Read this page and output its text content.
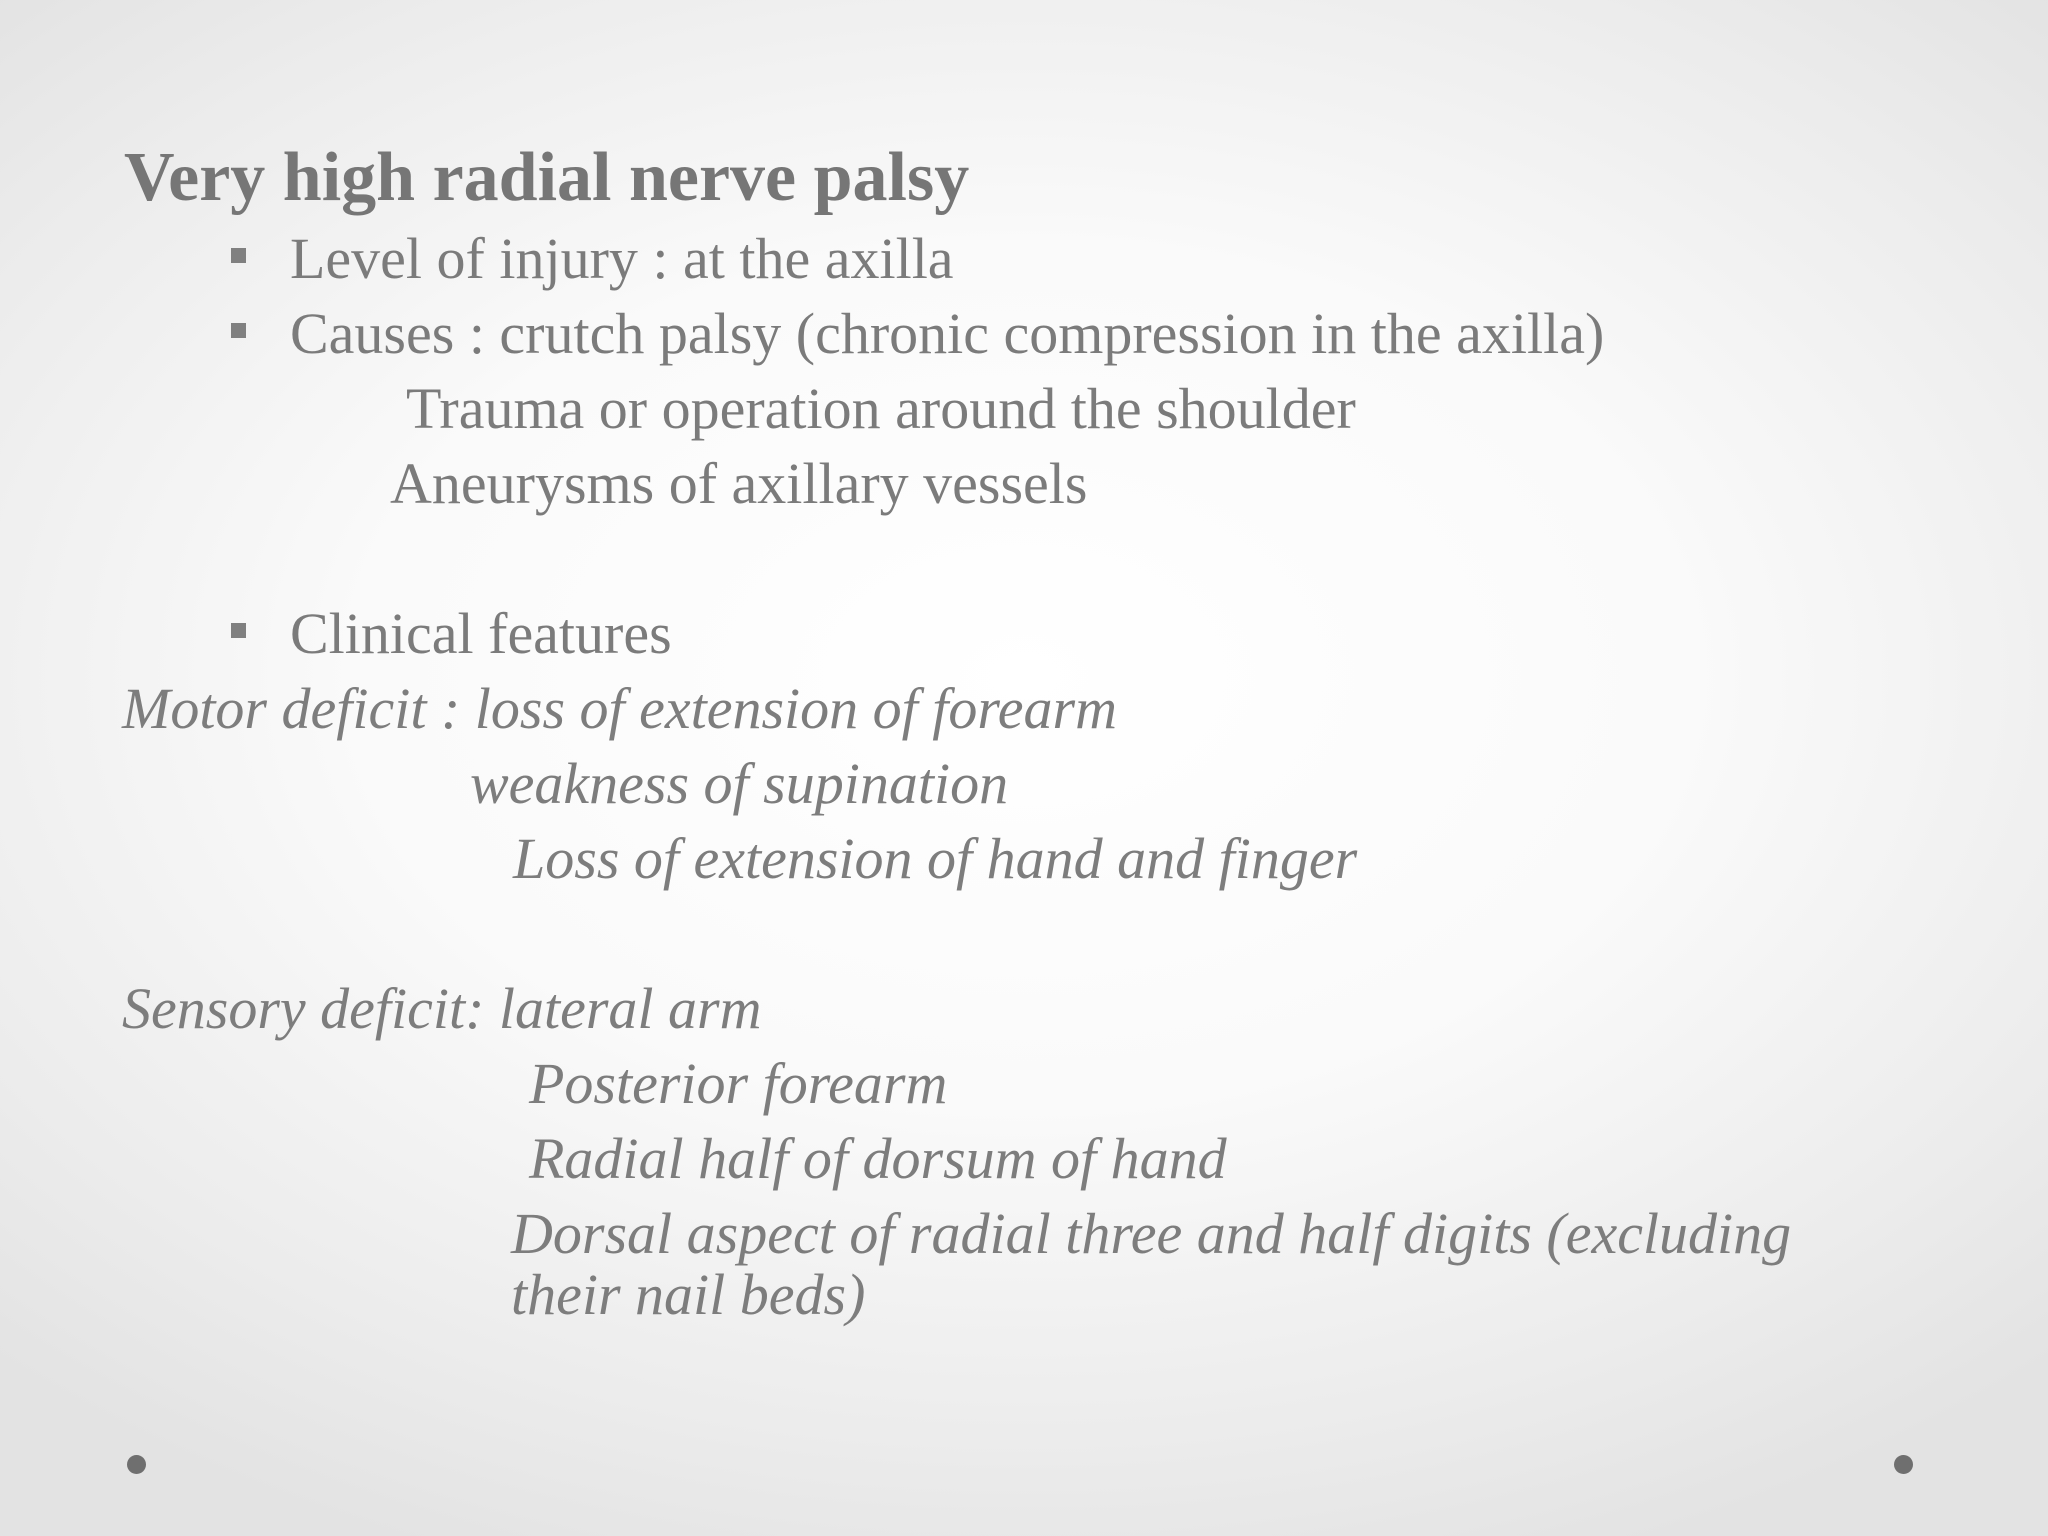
Very high radial nerve palsy
Level of injury : at the axilla
Causes : crutch palsy (chronic compression in the axilla)
Trauma or operation around the shoulder
Aneurysms of axillary vessels
Clinical features
Motor deficit : loss of extension of forearm
weakness of supination
Loss of extension of hand and finger
Sensory deficit: lateral arm
Posterior forearm
Radial half of dorsum of hand
Dorsal aspect of radial three and half digits (excluding
their nail beds)
